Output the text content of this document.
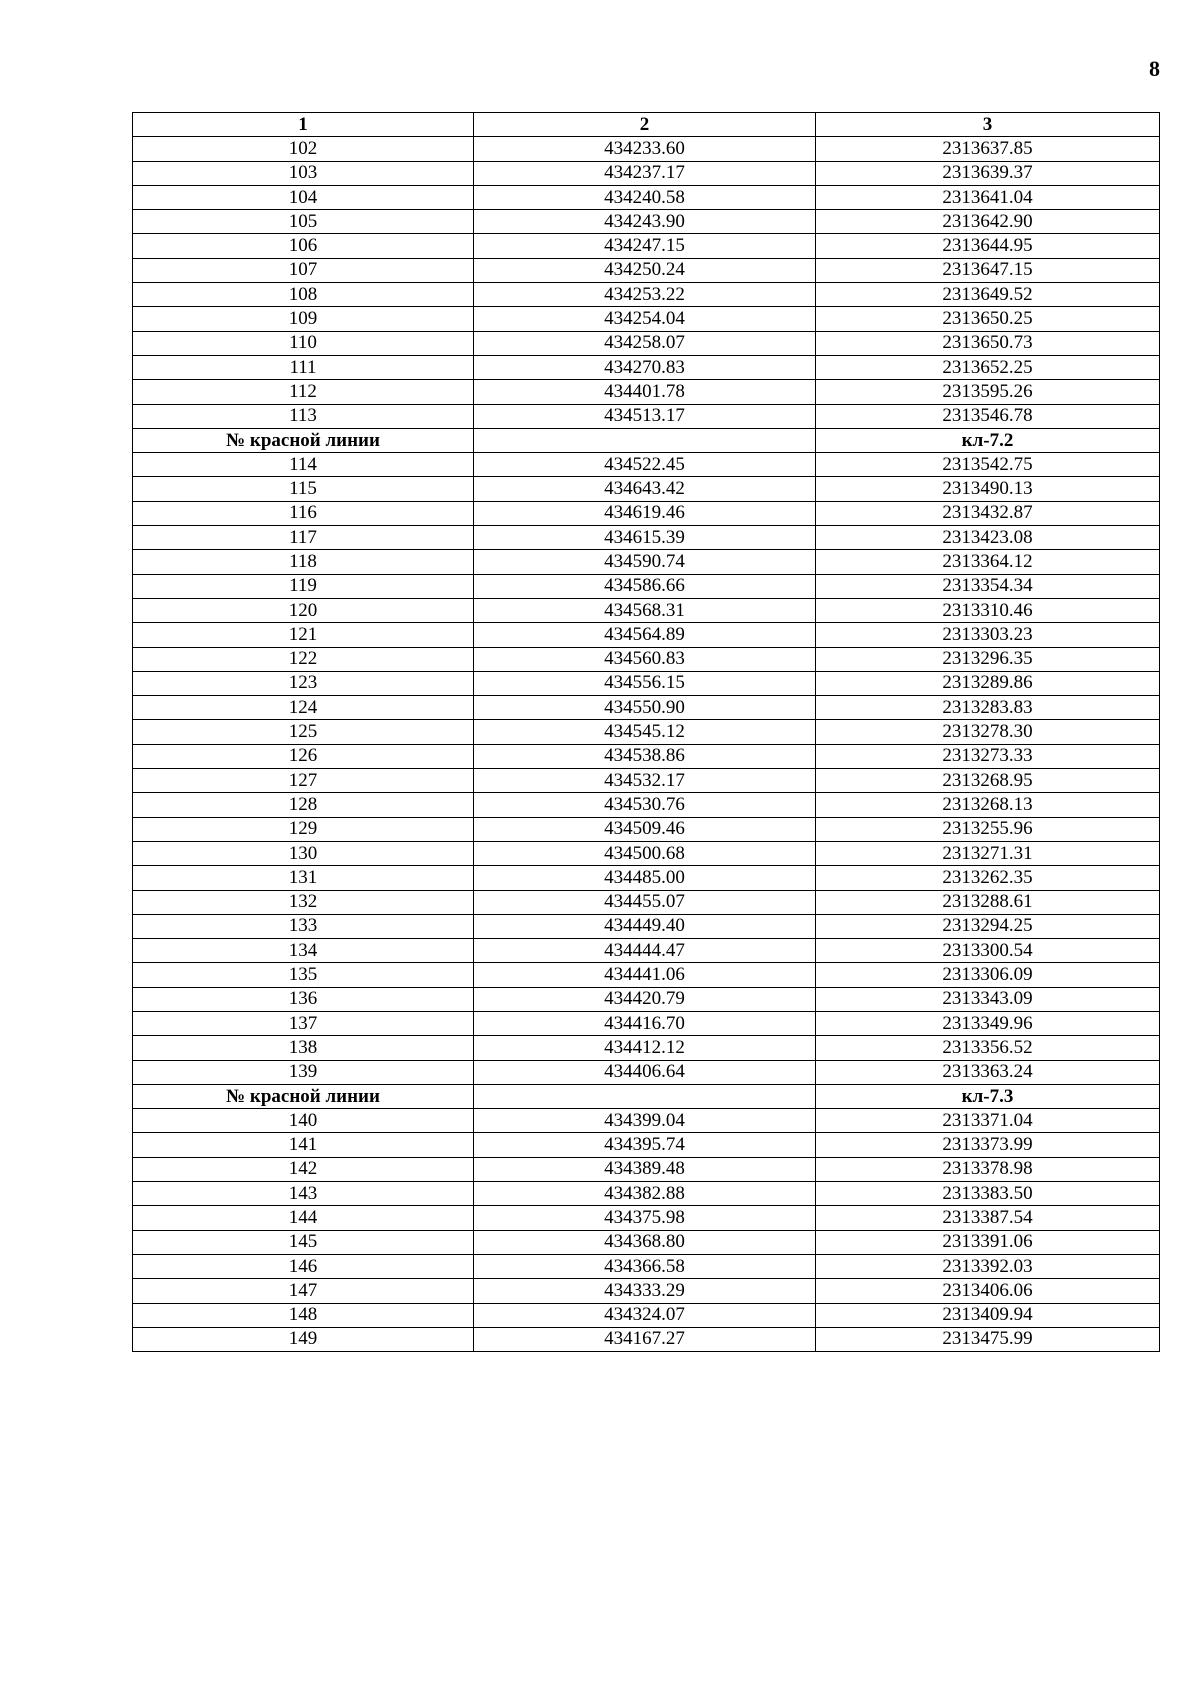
8
1	2	3
102	434233.60	2313637.85
103	434237.17	2313639.37
104	434240.58	2313641.04
105	434243.90	2313642.90
106	434247.15	2313644.95
107	434250.24	2313647.15
108	434253.22	2313649.52
109	434254.04	2313650.25
110	434258.07	2313650.73
111	434270.83	2313652.25
112	434401.78	2313595.26
113	434513.17	2313546.78
№ красной линии		кл-7.2
114	434522.45	2313542.75
115	434643.42	2313490.13
116	434619.46	2313432.87
117	434615.39	2313423.08
118	434590.74	2313364.12
119	434586.66	2313354.34
120	434568.31	2313310.46
121	434564.89	2313303.23
122	434560.83	2313296.35
123	434556.15	2313289.86
124	434550.90	2313283.83
125	434545.12	2313278.30
126	434538.86	2313273.33
127	434532.17	2313268.95
128	434530.76	2313268.13
129	434509.46	2313255.96
130	434500.68	2313271.31
131	434485.00	2313262.35
132	434455.07	2313288.61
133	434449.40	2313294.25
134	434444.47	2313300.54
135	434441.06	2313306.09
136	434420.79	2313343.09
137	434416.70	2313349.96
138	434412.12	2313356.52
139	434406.64	2313363.24
№ красной линии		кл-7.3
140	434399.04	2313371.04
141	434395.74	2313373.99
142	434389.48	2313378.98
143	434382.88	2313383.50
144	434375.98	2313387.54
145	434368.80	2313391.06
146	434366.58	2313392.03
147	434333.29	2313406.06
148	434324.07	2313409.94
149	434167.27	2313475.99
